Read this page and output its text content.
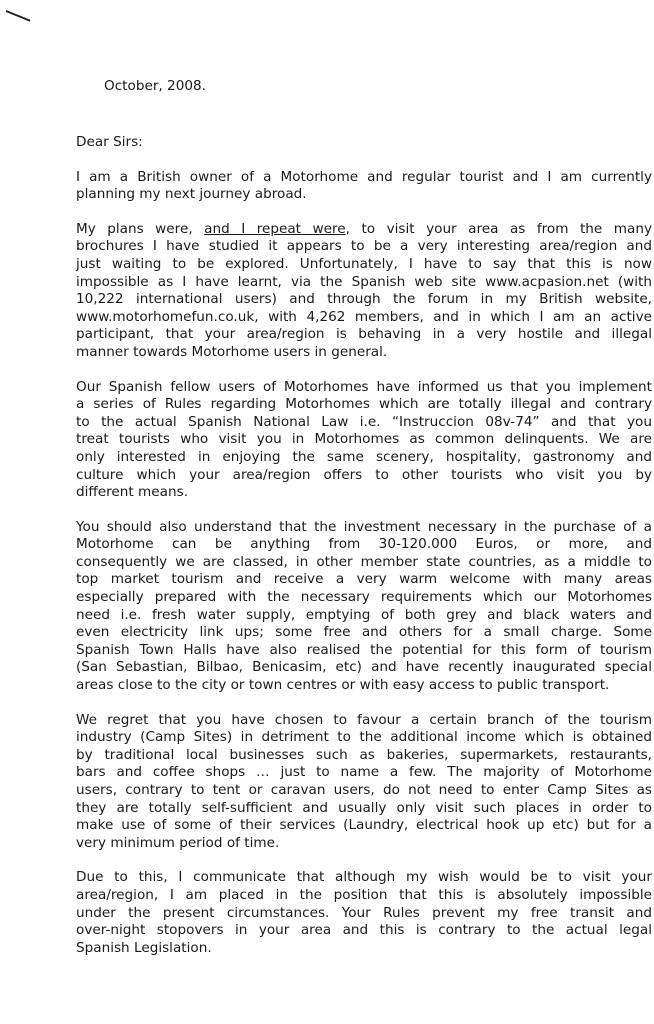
October, 2008.
Dear Sirs:
I am a British owner of a Motorhome and regular tourist and I am currently
planning my next journey abroad.
My plans were, and I repeat were, to visit your area as from the many
brochures I have studied it appears to be a very interesting area/region and
just waiting to be explored. Unfortunately, I have to say that this is now
impossible as I have learnt, via the Spanish web site www.acpasion.net (with
10,222 international users) and through the forum in my British website,
www.motorhomefun.co.uk, with 4,262 members, and in which I am an active
participant, that your area/region is behaving in a very hostile and illegal
manner towards Motorhome users in general.
Our Spanish fellow users of Motorhomes have informed us that you implement
a series of Rules regarding Motorhomes which are totally illegal and contrary
to the actual Spanish National Law i.e. “Instruccion 08v-74” and that you
treat tourists who visit you in Motorhomes as common delinquents. We are
only interested in enjoying the same scenery, hospitality, gastronomy and
culture which your area/region offers to other tourists who visit you by
different means.
You should also understand that the investment necessary in the purchase of a
Motorhome can be anything from 30-120.000 Euros, or more, and
consequently we are classed, in other member state countries, as a middle to
top market tourism and receive a very warm welcome with many areas
especially prepared with the necessary requirements which our Motorhomes
need i.e. fresh water supply, emptying of both grey and black waters and
even electricity link ups; some free and others for a small charge. Some
Spanish Town Halls have also realised the potential for this form of tourism
(San Sebastian, Bilbao, Benicasim, etc) and have recently inaugurated special
areas close to the city or town centres or with easy access to public transport.
We regret that you have chosen to favour a certain branch of the tourism
industry (Camp Sites) in detriment to the additional income which is obtained
by traditional local businesses such as bakeries, supermarkets, restaurants,
bars and coffee shops … just to name a few. The majority of Motorhome
users, contrary to tent or caravan users, do not need to enter Camp Sites as
they are totally self-sufficient and usually only visit such places in order to
make use of some of their services (Laundry, electrical hook up etc) but for a
very minimum period of time.
Due to this, I communicate that although my wish would be to visit your
area/region, I am placed in the position that this is absolutely impossible
under the present circumstances. Your Rules prevent my free transit and
over-night stopovers in your area and this is contrary to the actual legal
Spanish Legislation.
